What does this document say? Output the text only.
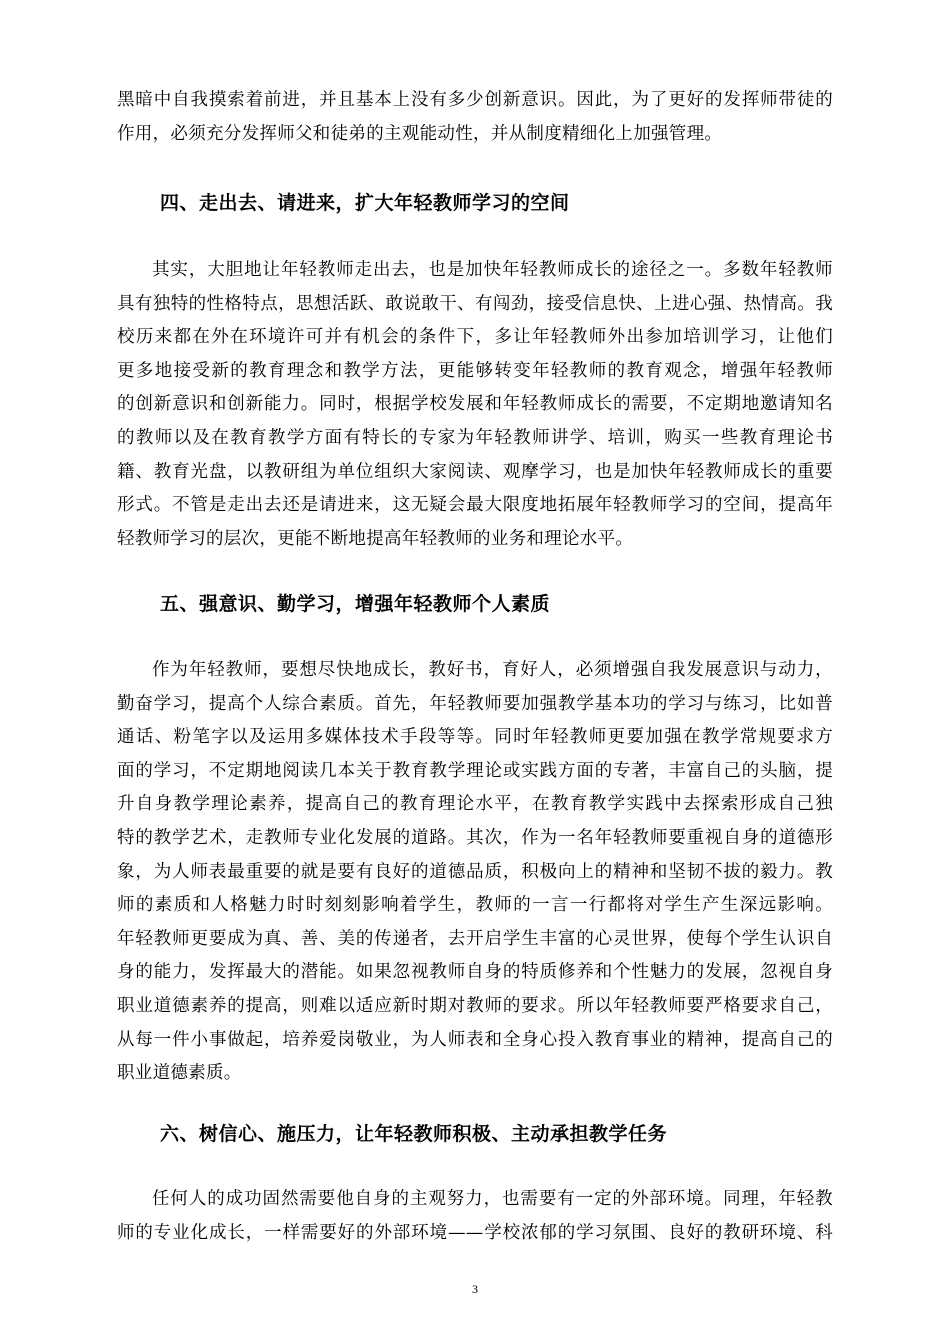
黑暗中自我摸索着前进，并且基本上没有多少创新意识。因此，为了更好的发挥师带徒的
作用，必须充分发挥师父和徒弟的主观能动性，并从制度精细化上加强管理。
四、走出去、请进来，扩大年轻教师学习的空间
其实，大胆地让年轻教师走出去，也是加快年轻教师成长的途径之一。多数年轻教师
具有独特的性格特点，思想活跃、敢说敢干、有闯劲，接受信息快、上进心强、热情高。我
校历来都在外在环境许可并有机会的条件下，多让年轻教师外出参加培训学习，让他们
更多地接受新的教育理念和教学方法，更能够转变年轻教师的教育观念，增强年轻教师
的创新意识和创新能力。同时，根据学校发展和年轻教师成长的需要，不定期地邀请知名
的教师以及在教育教学方面有特长的专家为年轻教师讲学、培训，购买一些教育理论书
籍、教育光盘，以教研组为单位组织大家阅读、观摩学习，也是加快年轻教师成长的重要
形式。不管是走出去还是请进来，这无疑会最大限度地拓展年轻教师学习的空间，提高年
轻教师学习的层次，更能不断地提高年轻教师的业务和理论水平。
五、强意识、勤学习，增强年轻教师个人素质
作为年轻教师，要想尽快地成长，教好书，育好人，必须增强自我发展意识与动力，
勤奋学习，提高个人综合素质。首先，年轻教师要加强教学基本功的学习与练习，比如普
通话、粉笔字以及运用多媒体技术手段等等。同时年轻教师更要加强在教学常规要求方
面的学习，不定期地阅读几本关于教育教学理论或实践方面的专著，丰富自己的头脑，提
升自身教学理论素养，提高自己的教育理论水平，在教育教学实践中去探索形成自己独
特的教学艺术，走教师专业化发展的道路。其次，作为一名年轻教师要重视自身的道德形
象，为人师表最重要的就是要有良好的道德品质，积极向上的精神和坚韧不拔的毅力。教
师的素质和人格魅力时时刻刻影响着学生，教师的一言一行都将对学生产生深远影响。
年轻教师更要成为真、善、美的传递者，去开启学生丰富的心灵世界，使每个学生认识自
身的能力，发挥最大的潜能。如果忽视教师自身的特质修养和个性魅力的发展，忽视自身
职业道德素养的提高，则难以适应新时期对教师的要求。所以年轻教师要严格要求自己，
从每一件小事做起，培养爱岗敬业，为人师表和全身心投入教育事业的精神，提高自己的
职业道德素质。
六、树信心、施压力，让年轻教师积极、主动承担教学任务
任何人的成功固然需要他自身的主观努力，也需要有一定的外部环境。同理，年轻教
师的专业化成长，一样需要好的外部环境——学校浓郁的学习氛围、良好的教研环境、科
3
